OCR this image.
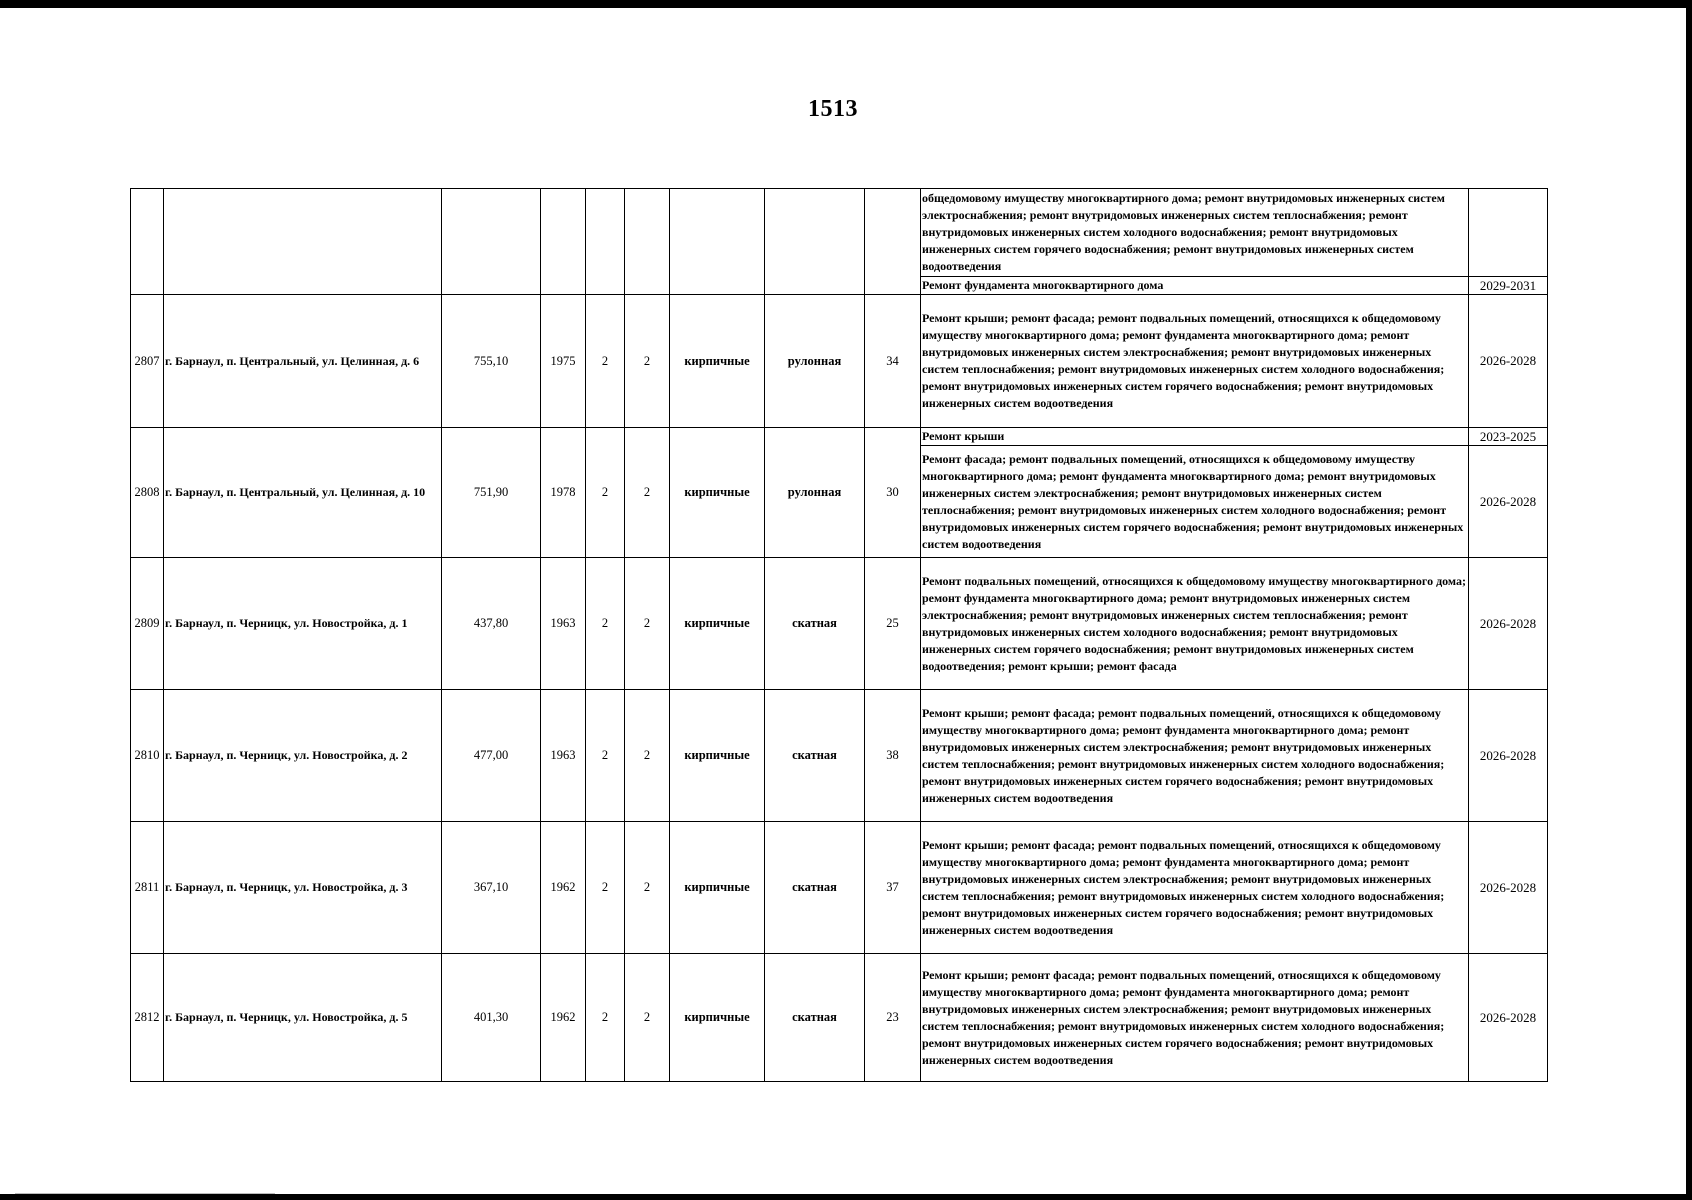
1513
									общедомовому имуществу многоквартирного дома; ремонт внутридомовых инженерных систем электроснабжения; ремонт внутридомовых инженерных систем теплоснабжения; ремонт внутридомовых инженерных систем холодного водоснабжения; ремонт внутридомовых инженерных систем горячего водоснабжения; ремонт внутридомовых инженерных систем водоотведения	
									Ремонт фундамента многоквартирного дома	2029-2031
2807	г. Барнаул, п. Центральный, ул. Целинная, д. 6	755,10	1975	2	2	кирпичные	рулонная	34	Ремонт крыши; ремонт фасада; ремонт подвальных помещений, относящихся к общедомовому имуществу многоквартирного дома; ремонт фундамента многоквартирного дома; ремонт внутридомовых инженерных систем электроснабжения; ремонт внутридомовых инженерных систем теплоснабжения; ремонт внутридомовых инженерных систем холодного водоснабжения; ремонт внутридомовых инженерных систем горячего водоснабжения; ремонт внутридомовых инженерных систем водоотведения	2026-2028
2808	г. Барнаул, п. Центральный, ул. Целинная, д. 10	751,90	1978	2	2	кирпичные	рулонная	30	Ремонт крыши	2023-2025
									Ремонт фасада; ремонт подвальных помещений, относящихся к общедомовому имуществу многоквартирного дома; ремонт фундамента многоквартирного дома; ремонт внутридомовых инженерных систем электроснабжения; ремонт внутридомовых инженерных систем теплоснабжения; ремонт внутридомовых инженерных систем холодного водоснабжения; ремонт внутридомовых инженерных систем горячего водоснабжения; ремонт внутридомовых инженерных систем водоотведения	2026-2028
2809	г. Барнаул, п. Черницк, ул. Новостройка, д. 1	437,80	1963	2	2	кирпичные	скатная	25	Ремонт подвальных помещений, относящихся к общедомовому имуществу многоквартирного дома; ремонт фундамента многоквартирного дома; ремонт внутридомовых инженерных систем электроснабжения; ремонт внутридомовых инженерных систем теплоснабжения; ремонт внутридомовых инженерных систем холодного водоснабжения; ремонт внутридомовых инженерных систем горячего водоснабжения; ремонт внутридомовых инженерных систем водоотведения; ремонт крыши; ремонт фасада	2026-2028
2810	г. Барнаул, п. Черницк, ул. Новостройка, д. 2	477,00	1963	2	2	кирпичные	скатная	38	Ремонт крыши; ремонт фасада; ремонт подвальных помещений, относящихся к общедомовому имуществу многоквартирного дома; ремонт фундамента многоквартирного дома; ремонт внутридомовых инженерных систем электроснабжения; ремонт внутридомовых инженерных систем теплоснабжения; ремонт внутридомовых инженерных систем холодного водоснабжения; ремонт внутридомовых инженерных систем горячего водоснабжения; ремонт внутридомовых инженерных систем водоотведения	2026-2028
2811	г. Барнаул, п. Черницк, ул. Новостройка, д. 3	367,10	1962	2	2	кирпичные	скатная	37	Ремонт крыши; ремонт фасада; ремонт подвальных помещений, относящихся к общедомовому имуществу многоквартирного дома; ремонт фундамента многоквартирного дома; ремонт внутридомовых инженерных систем электроснабжения; ремонт внутридомовых инженерных систем теплоснабжения; ремонт внутридомовых инженерных систем холодного водоснабжения; ремонт внутридомовых инженерных систем горячего водоснабжения; ремонт внутридомовых инженерных систем водоотведения	2026-2028
2812	г. Барнаул, п. Черницк, ул. Новостройка, д. 5	401,30	1962	2	2	кирпичные	скатная	23	Ремонт крыши; ремонт фасада; ремонт подвальных помещений, относящихся к общедомовому имуществу многоквартирного дома; ремонт фундамента многоквартирного дома; ремонт внутридомовых инженерных систем электроснабжения; ремонт внутридомовых инженерных систем теплоснабжения; ремонт внутридомовых инженерных систем холодного водоснабжения; ремонт внутридомовых инженерных систем горячего водоснабжения; ремонт внутридомовых инженерных систем водоотведения	2026-2028
